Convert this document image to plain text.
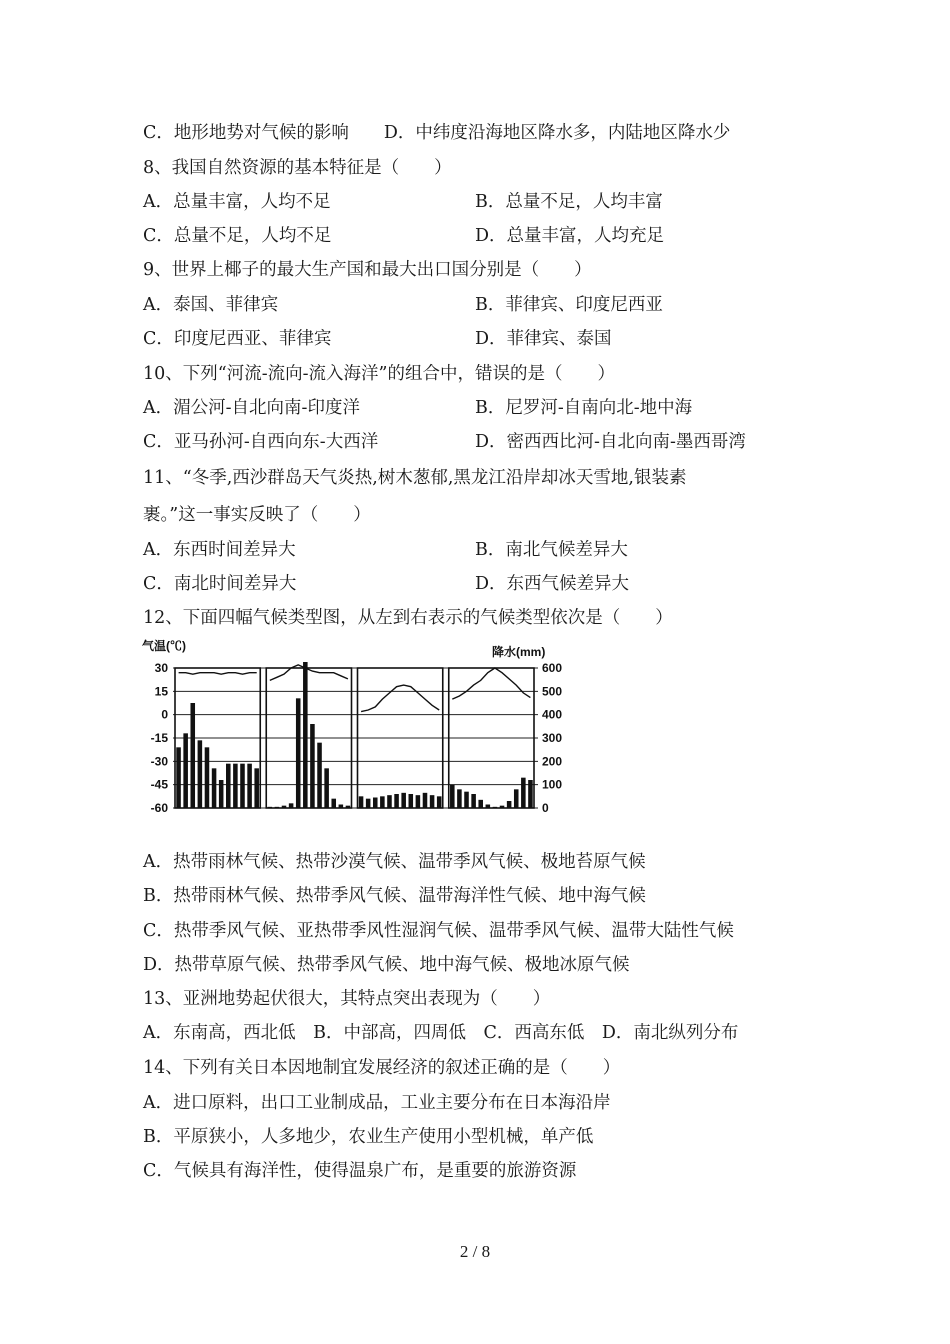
C．地形地势对气候的影响　　D．中纬度沿海地区降水多，内陆地区降水少
8、我国自然资源的基本特征是（　　）
A．总量丰富，人均不足	B．总量不足，人均丰富
C．总量不足，人均不足	D．总量丰富，人均充足
9、世界上椰子的最大生产国和最大出口国分别是（　　）
A．泰国、菲律宾	B．菲律宾、印度尼西亚
C．印度尼西亚、菲律宾	D．菲律宾、泰国
10、下列“河流-流向-流入海洋”的组合中，错误的是（　　）
A．湄公河-自北向南-印度洋	B．尼罗河-自南向北-地中海
C．亚马孙河-自西向东-大西洋	D．密西西比河-自北向南-墨西哥湾
11、“冬季,西沙群岛天气炎热,树木葱郁,黑龙江沿岸却冰天雪地,银装素
裹。”这一事实反映了（　　）
A．东西时间差异大	B．南北气候差异大
C．南北时间差异大	D．东西气候差异大
12、下面四幅气候类型图，从左到右表示的气候类型依次是（　　）
气温(℃)	降水(mm)
30
15
0
-15
-30
-45
-60
600
500
400
300
200
100
0
A．热带雨林气候、热带沙漠气候、温带季风气候、极地苔原气候
B．热带雨林气候、热带季风气候、温带海洋性气候、地中海气候
C．热带季风气候、亚热带季风性湿润气候、温带季风气候、温带大陆性气候
D．热带草原气候、热带季风气候、地中海气候、极地冰原气候
13、亚洲地势起伏很大，其特点突出表现为（　　）
A．东南高，西北低　B．中部高，四周低　C．西高东低　D．南北纵列分布
14、下列有关日本因地制宜发展经济的叙述正确的是（　　）
A．进口原料，出口工业制成品，工业主要分布在日本海沿岸
B．平原狭小，人多地少，农业生产使用小型机械，单产低
C．气候具有海洋性，使得温泉广布，是重要的旅游资源
2 / 8
